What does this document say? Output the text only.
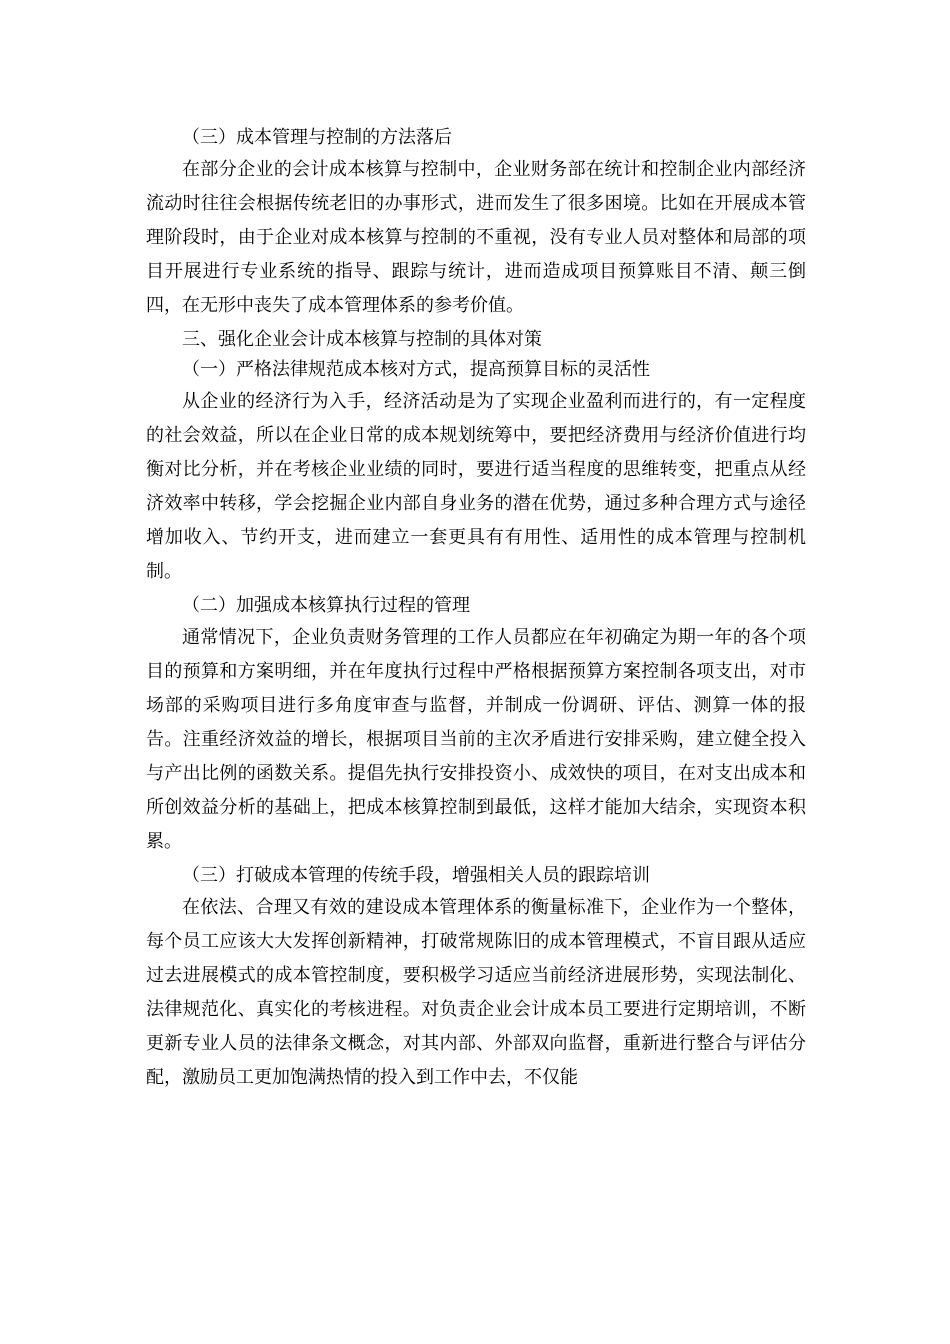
（三）成本管理与控制的方法落后

在部分企业的会计成本核算与控制中，企业财务部在统计和控制企业内部经济流动时往往会根据传统老旧的办事形式，进而发生了很多困境。比如在开展成本管理阶段时，由于企业对成本核算与控制的不重视，没有专业人员对整体和局部的项目开展进行专业系统的指导、跟踪与统计，进而造成项目预算账目不清、颠三倒四，在无形中丧失了成本管理体系的参考价值。

三、强化企业会计成本核算与控制的具体对策

（一）严格法律规范成本核对方式，提高预算目标的灵活性

从企业的经济行为入手，经济活动是为了实现企业盈利而进行的，有一定程度的社会效益，所以在企业日常的成本规划统筹中，要把经济费用与经济价值进行均衡对比分析，并在考核企业业绩的同时，要进行适当程度的思维转变，把重点从经济效率中转移，学会挖掘企业内部自身业务的潜在优势，通过多种合理方式与途径增加收入、节约开支，进而建立一套更具有有用性、适用性的成本管理与控制机制。

（二）加强成本核算执行过程的管理

通常情况下，企业负责财务管理的工作人员都应在年初确定为期一年的各个项目的预算和方案明细，并在年度执行过程中严格根据预算方案控制各项支出，对市场部的采购项目进行多角度审查与监督，并制成一份调研、评估、测算一体的报告。注重经济效益的增长，根据项目当前的主次矛盾进行安排采购，建立健全投入与产出比例的函数关系。提倡先执行安排投资小、成效快的项目，在对支出成本和所创效益分析的基础上，把成本核算控制到最低，这样才能加大结余，实现资本积累。

（三）打破成本管理的传统手段，增强相关人员的跟踪培训

在依法、合理又有效的建设成本管理体系的衡量标准下，企业作为一个整体，每个员工应该大大发挥创新精神，打破常规陈旧的成本管理模式，不盲目跟从适应过去进展模式的成本管控制度，要积极学习适应当前经济进展形势，实现法制化、法律规范化、真实化的考核进程。对负责企业会计成本员工要进行定期培训，不断更新专业人员的法律条文概念，对其内部、外部双向监督，重新进行整合与评估分配，激励员工更加饱满热情的投入到工作中去，不仅能
